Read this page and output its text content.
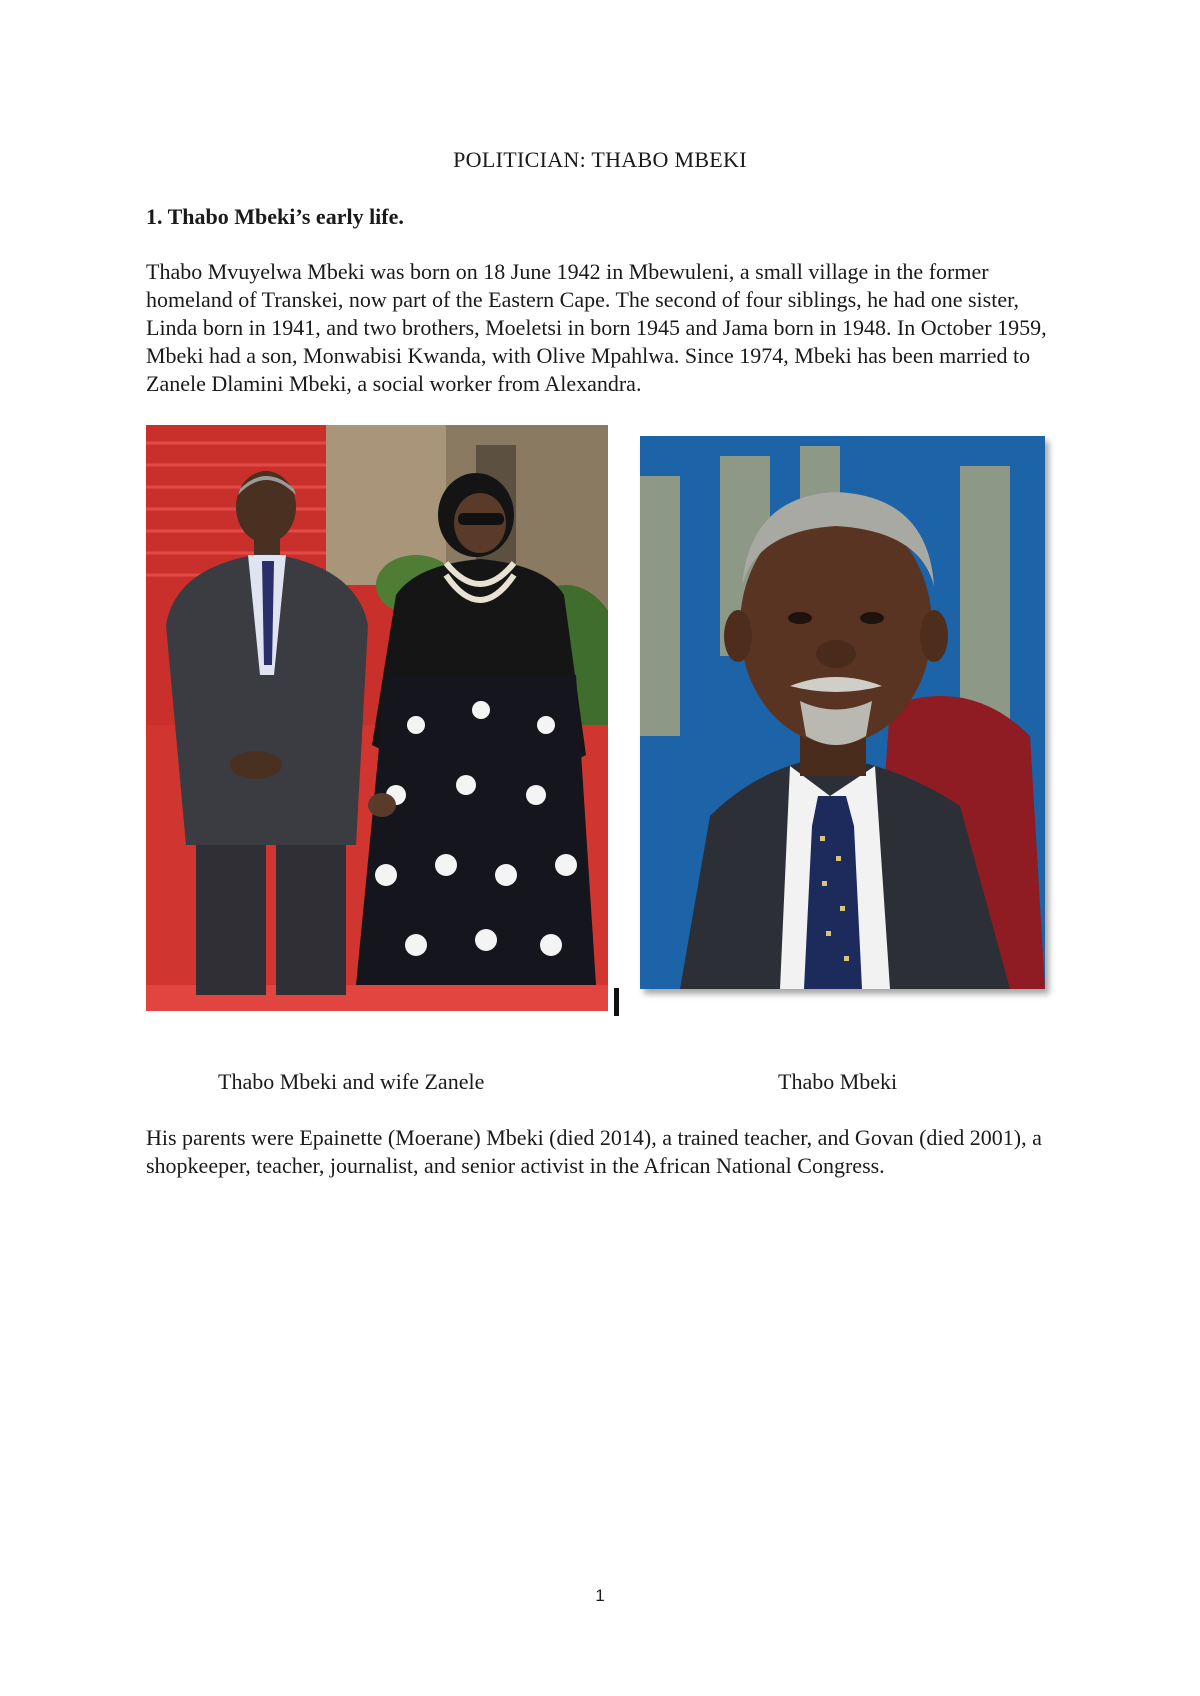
POLITICIAN: THABO MBEKI
1. Thabo Mbeki’s early life.

Thabo Mvuyelwa Mbeki was born on 18 June 1942 in Mbewuleni, a small village in the former homeland of Transkei, now part of the Eastern Cape. The second of four siblings, he had one sister, Linda born in 1941, and two brothers, Moeletsi in born 1945 and Jama born in 1948. In October 1959, Mbeki had a son, Monwabisi Kwanda, with Olive Mpahlwa. Since 1974, Mbeki has been married to Zanele Dlamini Mbeki, a social worker from Alexandra.

Thabo Mbeki and wife Zanele	Thabo Mbeki

His parents were Epainette (Moerane) Mbeki (died 2014), a trained teacher, and Govan (died 2001), a shopkeeper, teacher, journalist, and senior activist in the African National Congress.

1
